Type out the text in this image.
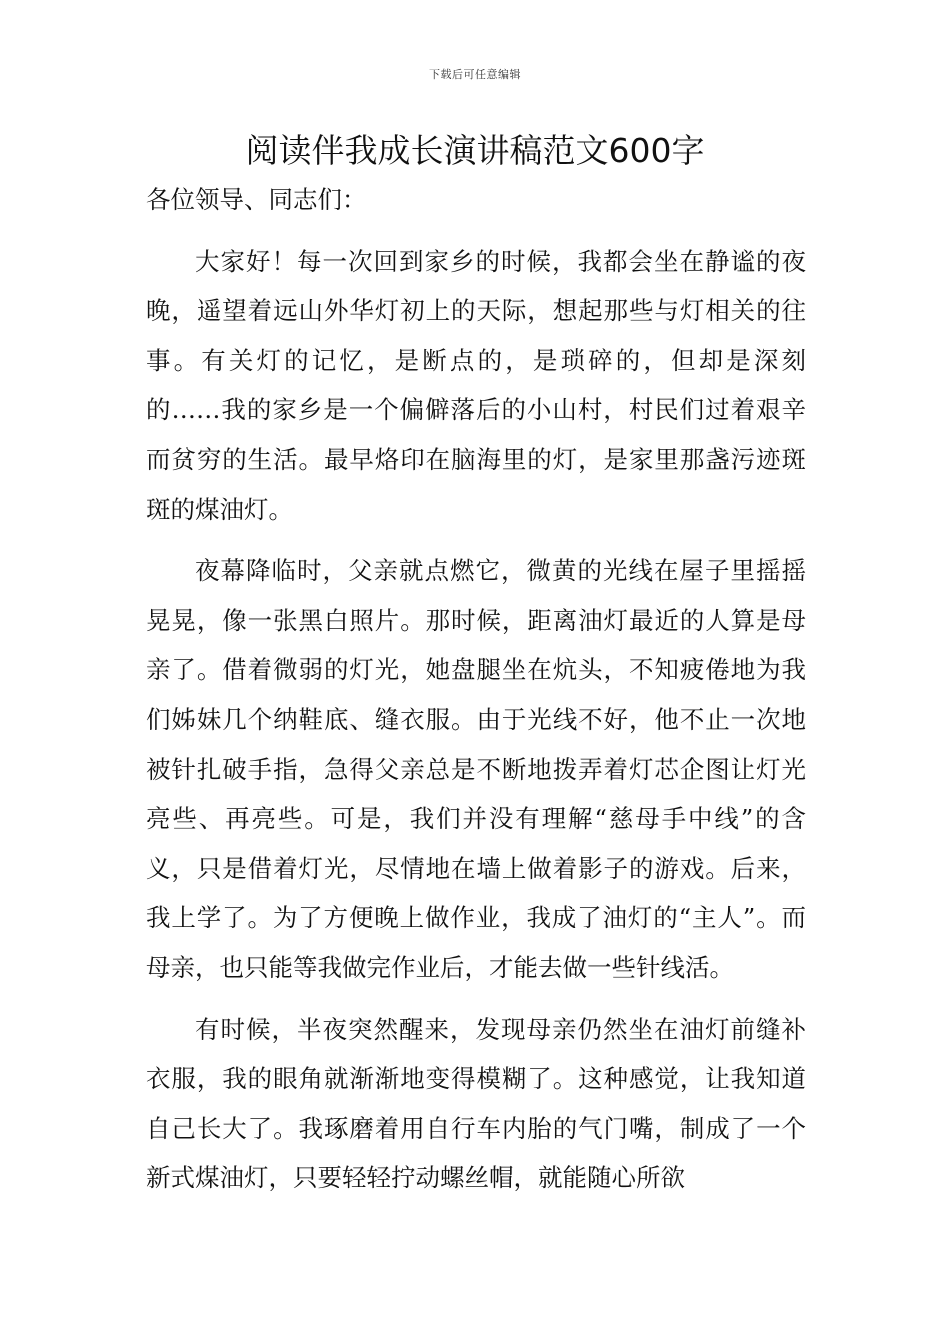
下载后可任意编辑
阅读伴我成长演讲稿范文600字

各位领导、同志们：

大家好！每一次回到家乡的时候，我都会坐在静谧的夜晚，遥望着远山外华灯初上的天际，想起那些与灯相关的往事。有关灯的记忆，是断点的，是琐碎的，但却是深刻的……我的家乡是一个偏僻落后的小山村，村民们过着艰辛而贫穷的生活。最早烙印在脑海里的灯，是家里那盏污迹斑斑的煤油灯。

夜幕降临时，父亲就点燃它，微黄的光线在屋子里摇摇晃晃，像一张黑白照片。那时候，距离油灯最近的人算是母亲了。借着微弱的灯光，她盘腿坐在炕头，不知疲倦地为我们姊妹几个纳鞋底、缝衣服。由于光线不好，他不止一次地被针扎破手指，急得父亲总是不断地拨弄着灯芯企图让灯光亮些、再亮些。可是，我们并没有理解“慈母手中线”的含义，只是借着灯光，尽情地在墙上做着影子的游戏。后来，我上学了。为了方便晚上做作业，我成了油灯的“主人”。而母亲，也只能等我做完作业后，才能去做一些针线活。

有时候，半夜突然醒来，发现母亲仍然坐在油灯前缝补衣服，我的眼角就渐渐地变得模糊了。这种感觉，让我知道自己长大了。我琢磨着用自行车内胎的气门嘴，制成了一个新式煤油灯，只要轻轻拧动螺丝帽，就能随心所欲
